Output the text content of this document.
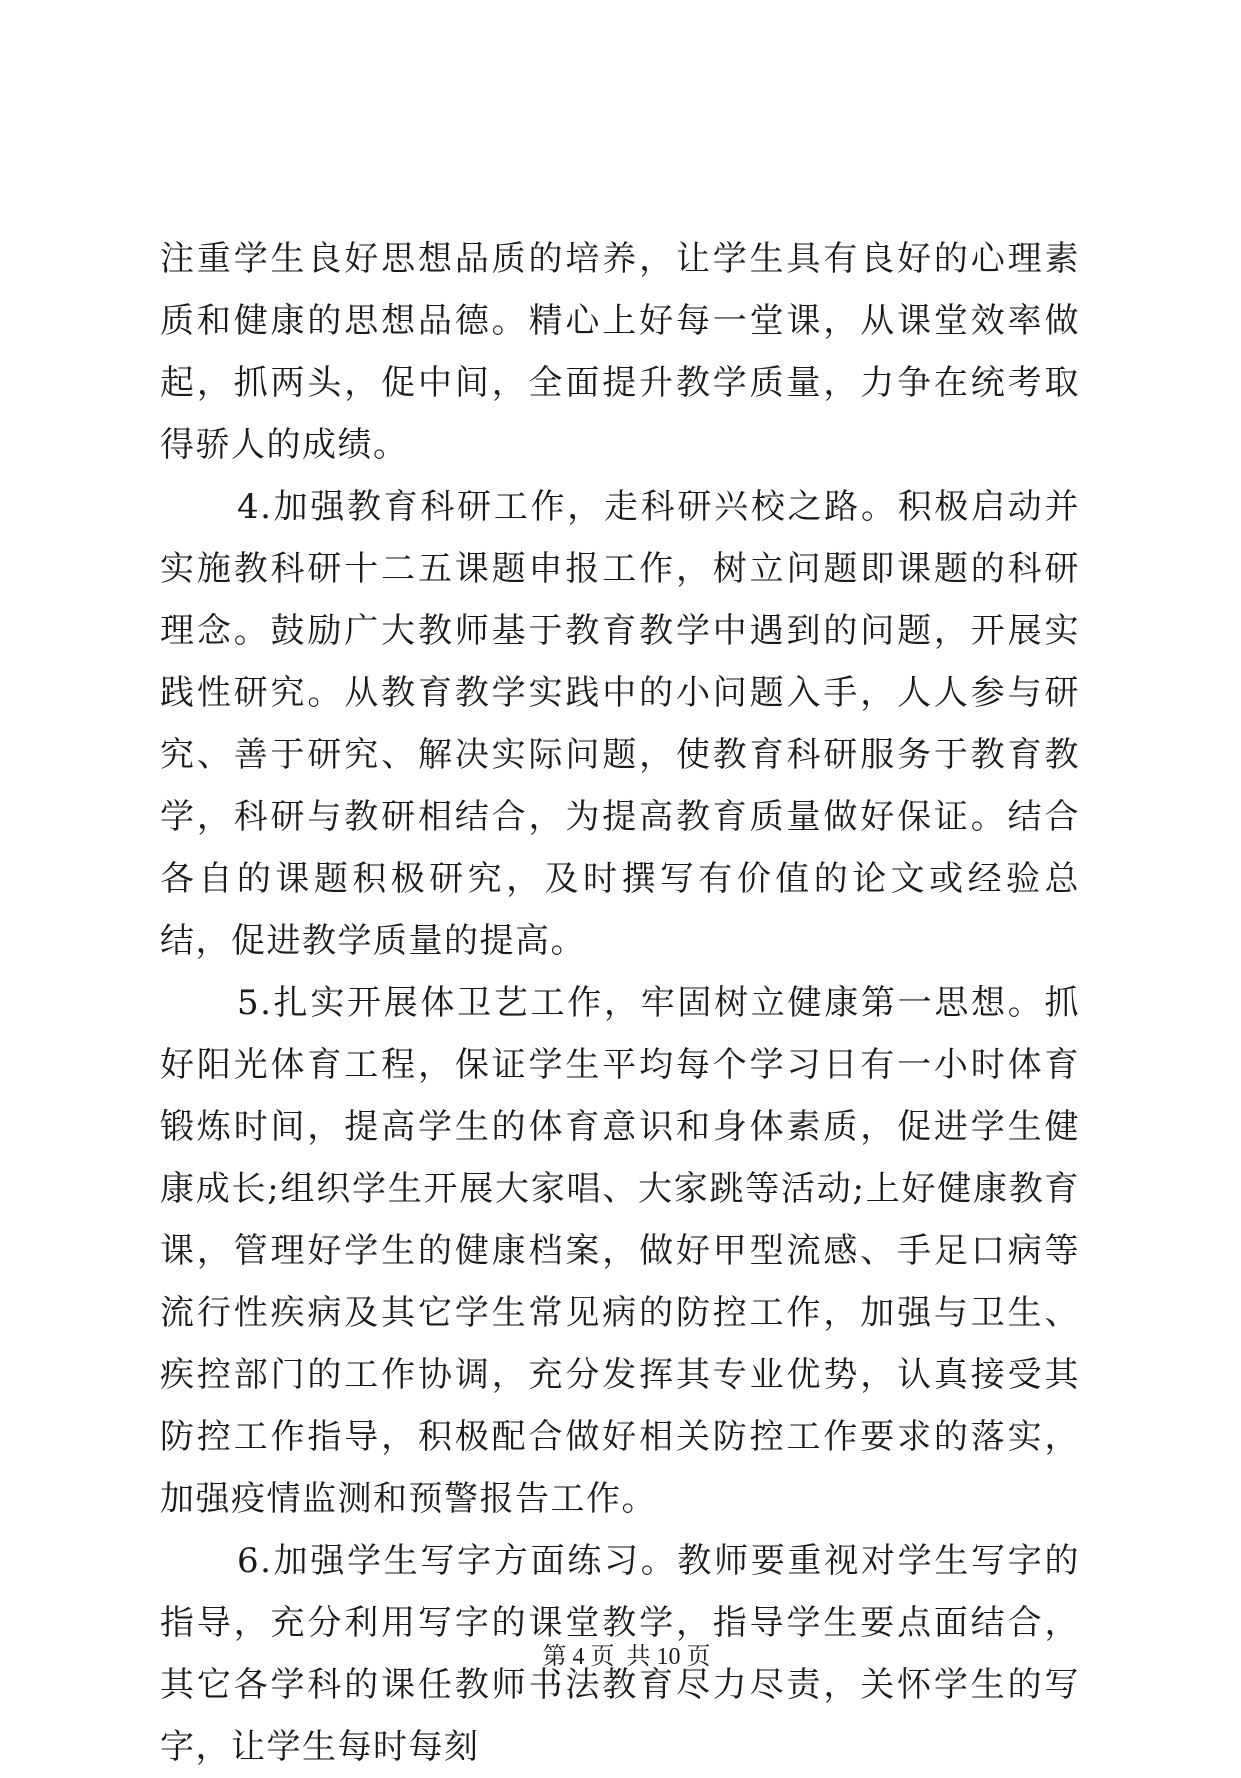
注重学生良好思想品质的培养，让学生具有良好的心理素质和健康的思想品德。精心上好每一堂课，从课堂效率做起，抓两头，促中间，全面提升教学质量，力争在统考取得骄人的成绩。

4.加强教育科研工作，走科研兴校之路。积极启动并实施教科研十二五课题申报工作，树立问题即课题的科研理念。鼓励广大教师基于教育教学中遇到的问题，开展实践性研究。从教育教学实践中的小问题入手，人人参与研究、善于研究、解决实际问题，使教育科研服务于教育教学，科研与教研相结合，为提高教育质量做好保证。结合各自的课题积极研究，及时撰写有价值的论文或经验总结，促进教学质量的提高。

5.扎实开展体卫艺工作，牢固树立健康第一思想。抓好阳光体育工程，保证学生平均每个学习日有一小时体育锻炼时间，提高学生的体育意识和身体素质，促进学生健康成长;组织学生开展大家唱、大家跳等活动;上好健康教育课，管理好学生的健康档案，做好甲型流感、手足口病等流行性疾病及其它学生常见病的防控工作，加强与卫生、疾控部门的工作协调，充分发挥其专业优势，认真接受其防控工作指导，积极配合做好相关防控工作要求的落实，加强疫情监测和预警报告工作。

6.加强学生写字方面练习。教师要重视对学生写字的指导，充分利用写字的课堂教学，指导学生要点面结合，其它各学科的课任教师书法教育尽力尽责，关怀学生的写字，让学生每时每刻

第 4 页  共 10 页
